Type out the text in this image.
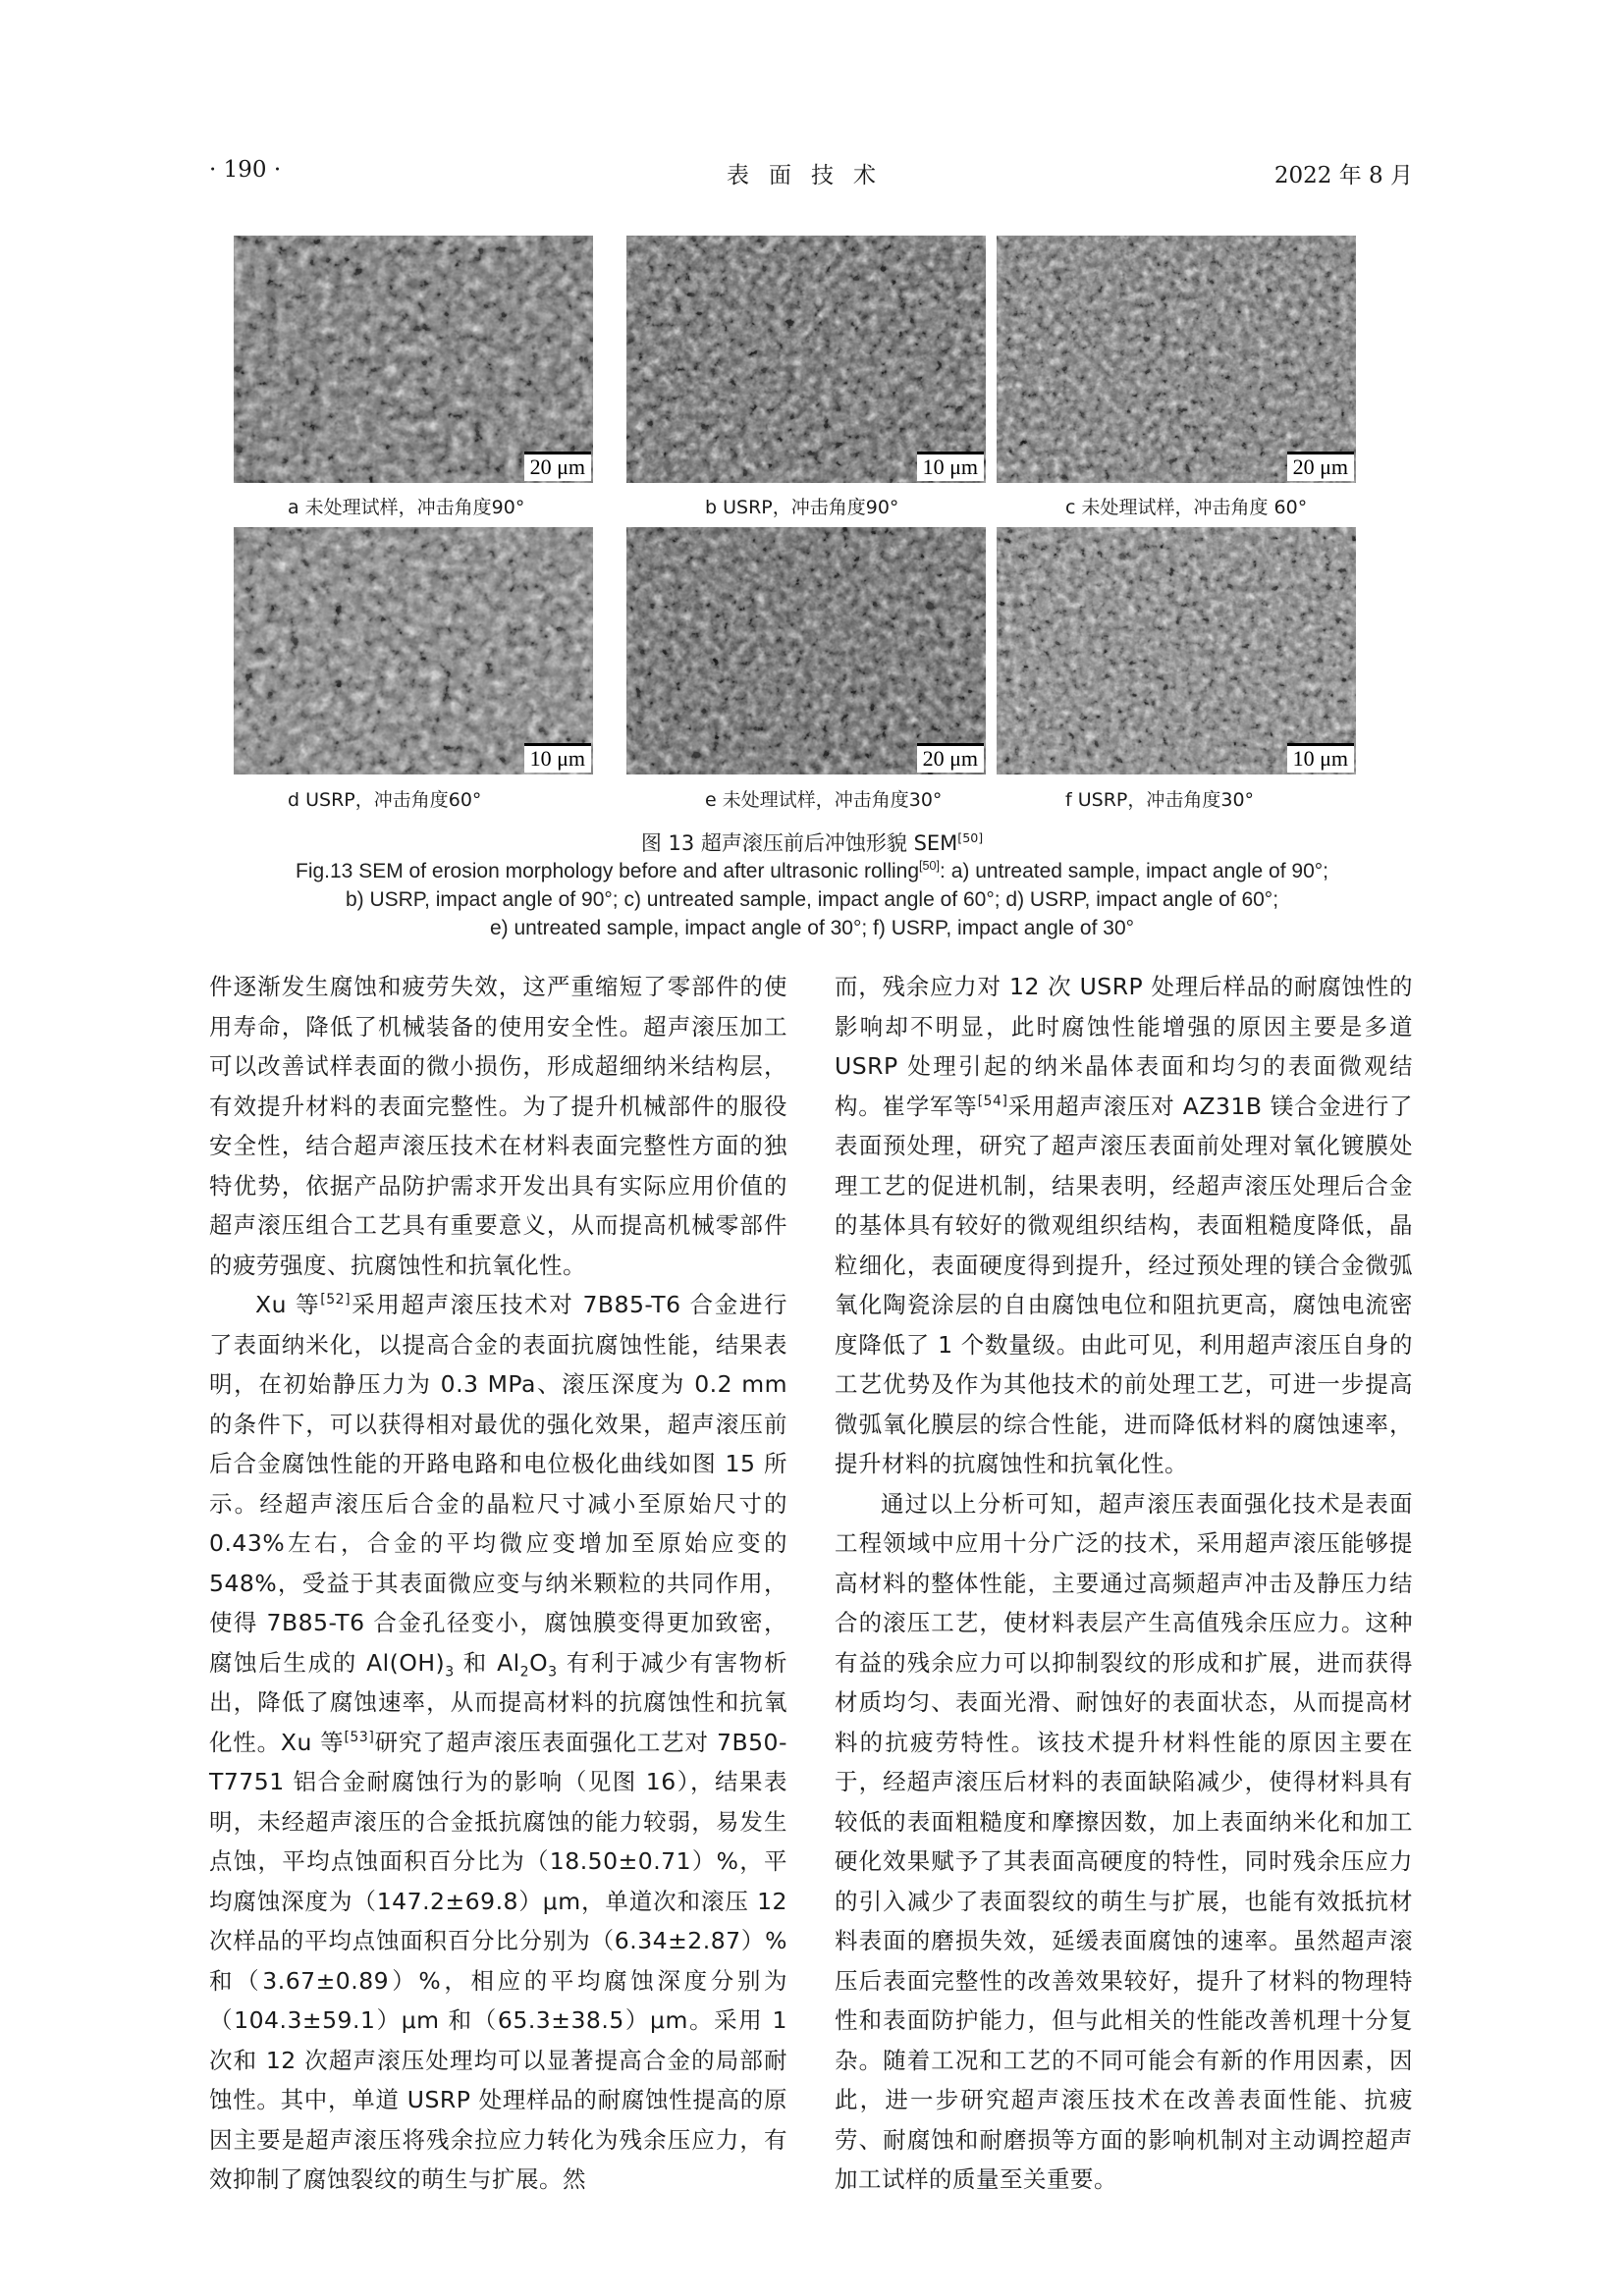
· 190 ·	表面技术	2022 年 8 月
20 μm
a 未处理试样，冲击角度90°
10 μm
b USRP，冲击角度90°
20 μm
c 未处理试样，冲击角度 60°
10 μm
d USRP，冲击角度60°
20 μm
e 未处理试样，冲击角度30°
10 μm
f USRP，冲击角度30°
图 13 超声滚压前后冲蚀形貌 SEM[50]
Fig.13 SEM of erosion morphology before and after ultrasonic rolling[50]: a) untreated sample, impact angle of 90°;
b) USRP, impact angle of 90°; c) untreated sample, impact angle of 60°; d) USRP, impact angle of 60°;
e) untreated sample, impact angle of 30°; f) USRP, impact angle of 30°

件逐渐发生腐蚀和疲劳失效，这严重缩短了零部件的使用寿命，降低了机械装备的使用安全性。超声滚压加工可以改善试样表面的微小损伤，形成超细纳米结构层，有效提升材料的表面完整性。为了提升机械部件的服役安全性，结合超声滚压技术在材料表面完整性方面的独特优势，依据产品防护需求开发出具有实际应用价值的超声滚压组合工艺具有重要意义，从而提高机械零部件的疲劳强度、抗腐蚀性和抗氧化性。

Xu 等[52]采用超声滚压技术对 7B85-T6 合金进行了表面纳米化，以提高合金的表面抗腐蚀性能，结果表明，在初始静压力为 0.3 MPa、滚压深度为 0.2 mm 的条件下，可以获得相对最优的强化效果，超声滚压前后合金腐蚀性能的开路电路和电位极化曲线如图 15 所示。经超声滚压后合金的晶粒尺寸减小至原始尺寸的 0.43%左右，合金的平均微应变增加至原始应变的 548%，受益于其表面微应变与纳米颗粒的共同作用，使得 7B85-T6 合金孔径变小，腐蚀膜变得更加致密，腐蚀后生成的 $Al(OH)_3$ 和 $Al_2O_3$ 有利于减少有害物析出，降低了腐蚀速率，从而提高材料的抗腐蚀性和抗氧化性。Xu 等[53]研究了超声滚压表面强化工艺对 7B50-T7751 铝合金耐腐蚀行为的影响（见图 16），结果表明，未经超声滚压的合金抵抗腐蚀的能力较弱，易发生点蚀，平均点蚀面积百分比为（18.50±0.71）%，平均腐蚀深度为（147.2±69.8）μm，单道次和滚压 12 次样品的平均点蚀面积百分比分别为（6.34±2.87）%和（3.67±0.89）%，相应的平均腐蚀深度分别为（104.3±59.1）μm 和（65.3±38.5）μm。采用 1 次和 12 次超声滚压处理均可以显著提高合金的局部耐蚀性。其中，单道 USRP 处理样品的耐腐蚀性提高的原因主要是超声滚压将残余拉应力转化为残余压应力，有效抑制了腐蚀裂纹的萌生与扩展。然

而，残余应力对 12 次 USRP 处理后样品的耐腐蚀性的影响却不明显，此时腐蚀性能增强的原因主要是多道 USRP 处理引起的纳米晶体表面和均匀的表面微观结构。崔学军等[54]采用超声滚压对 AZ31B 镁合金进行了表面预处理，研究了超声滚压表面前处理对氧化镀膜处理工艺的促进机制，结果表明，经超声滚压处理后合金的基体具有较好的微观组织结构，表面粗糙度降低，晶粒细化，表面硬度得到提升，经过预处理的镁合金微弧氧化陶瓷涂层的自由腐蚀电位和阻抗更高，腐蚀电流密度降低了 1 个数量级。由此可见，利用超声滚压自身的工艺优势及作为其他技术的前处理工艺，可进一步提高微弧氧化膜层的综合性能，进而降低材料的腐蚀速率，提升材料的抗腐蚀性和抗氧化性。

通过以上分析可知，超声滚压表面强化技术是表面工程领域中应用十分广泛的技术，采用超声滚压能够提高材料的整体性能，主要通过高频超声冲击及静压力结合的滚压工艺，使材料表层产生高值残余压应力。这种有益的残余应力可以抑制裂纹的形成和扩展，进而获得材质均匀、表面光滑、耐蚀好的表面状态，从而提高材料的抗疲劳特性。该技术提升材料性能的原因主要在于，经超声滚压后材料的表面缺陷减少，使得材料具有较低的表面粗糙度和摩擦因数，加上表面纳米化和加工硬化效果赋予了其表面高硬度的特性，同时残余压应力的引入减少了表面裂纹的萌生与扩展，也能有效抵抗材料表面的磨损失效，延缓表面腐蚀的速率。虽然超声滚压后表面完整性的改善效果较好，提升了材料的物理特性和表面防护能力，但与此相关的性能改善机理十分复杂。随着工况和工艺的不同可能会有新的作用因素，因此，进一步研究超声滚压技术在改善表面性能、抗疲劳、耐腐蚀和耐磨损等方面的影响机制对主动调控超声加工试样的质量至关重要。
